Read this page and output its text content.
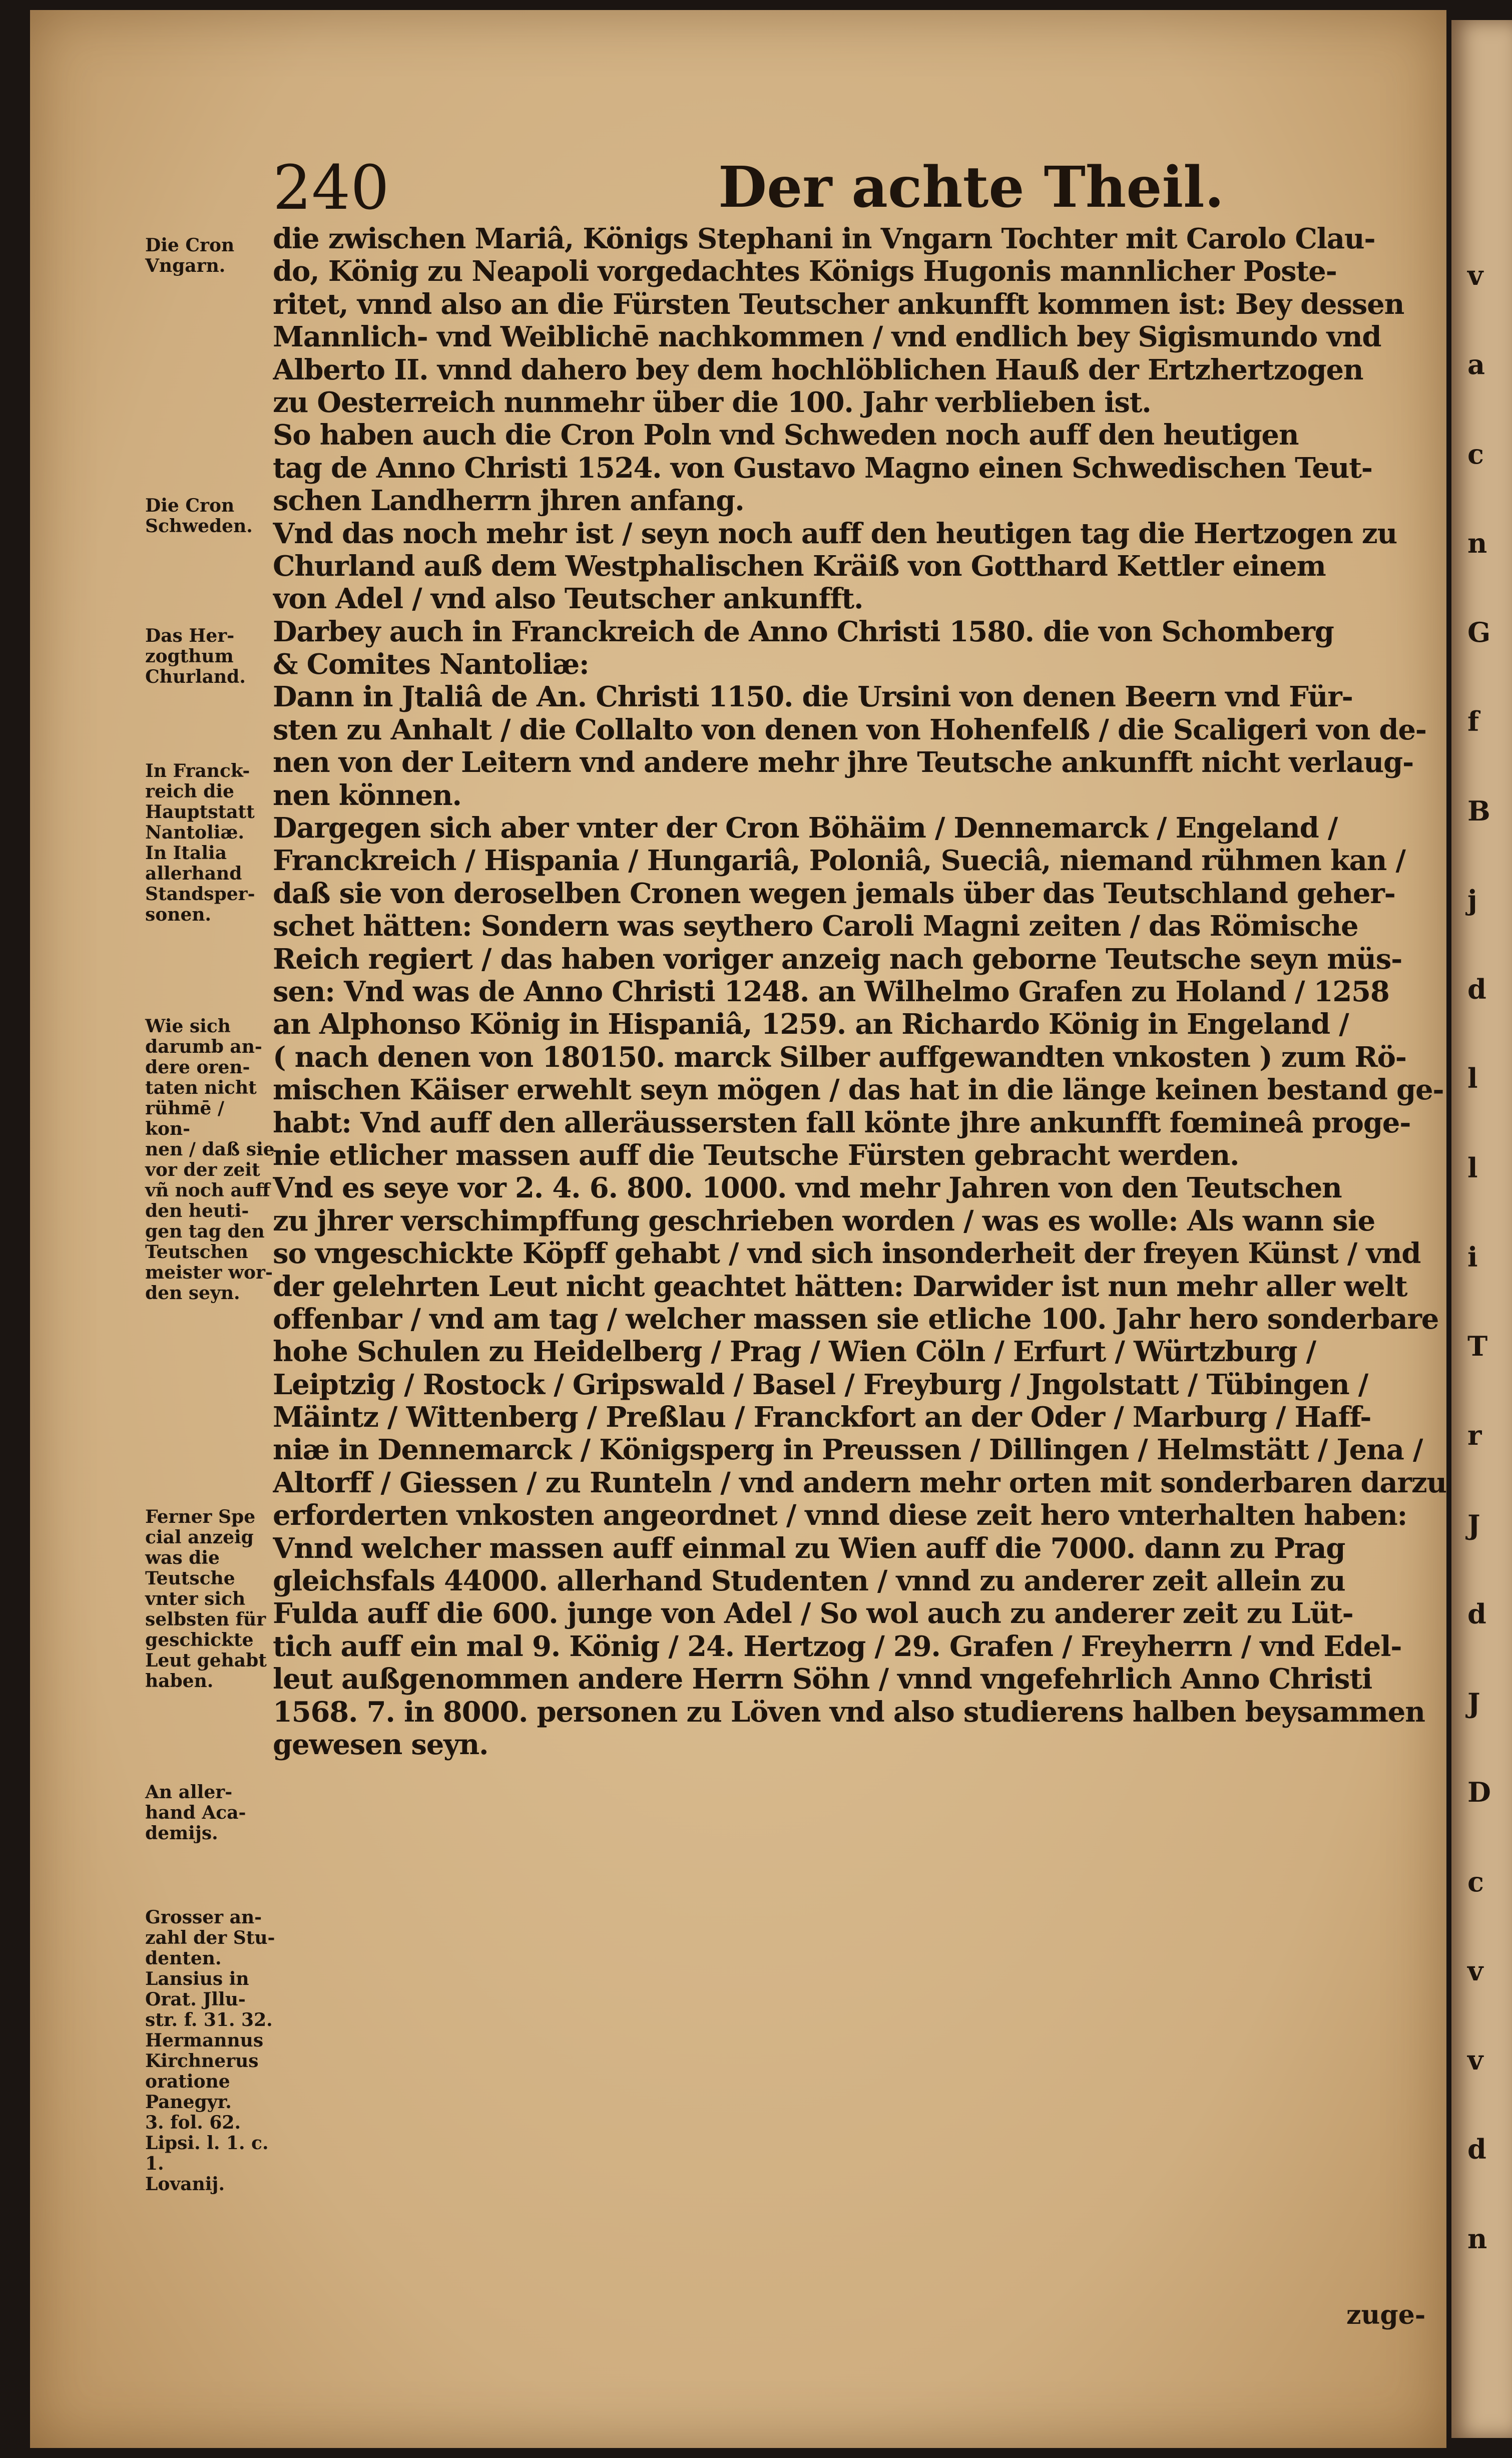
240	Der achte Theil.
Die Cron
Vngarn.
Die Cron
Schweden.
Das Her-
zogthum
Churland.
In Franck-
reich die
Hauptstatt
Nantoliæ.
In Italia
allerhand
Standsper-
sonen.
Wie sich
darumb an-
dere oren-
taten nicht
rühmē / kon-
nen / daß sie
vor der zeit
vñ noch auff
den heuti-
gen tag den
Teutschen
meister wor-
den seyn.
Ferner Spe
cial anzeig
was die
Teutsche
vnter sich
selbsten für
geschickte
Leut gehabt
haben.
An aller-
hand Aca-
demijs.
Grosser an-
zahl der Stu-
denten.
Lansius in
Orat. Jllu-
str. f. 31. 32.
Hermannus
Kirchnerus
oratione
Panegyr.
3. fol. 62.
Lipsi. l. 1. c. 1.
Lovanij.
die zwischen Mariâ, Königs Stephani in Vngarn Tochter mit Carolo Clau-
do, König zu Neapoli vorgedachtes Königs Hugonis mannlicher Poste-
ritet, vnnd also an die Fürsten Teutscher ankunfft kommen ist: Bey dessen
Mannlich- vnd Weiblichē nachkommen / vnd endlich bey Sigismundo vnd
Alberto II. vnnd dahero bey dem hochlöblichen Hauß der Ertzhertzogen
zu Oesterreich nunmehr über die 100. Jahr verblieben ist.
So haben auch die Cron Poln vnd Schweden noch auff den heutigen
tag de Anno Christi 1524. von Gustavo Magno einen Schwedischen Teut-
schen Landherrn jhren anfang.
Vnd das noch mehr ist / seyn noch auff den heutigen tag die Hertzogen zu
Churland auß dem Westphalischen Kräiß von Gotthard Kettler einem
von Adel / vnd also Teutscher ankunfft.
Darbey auch in Franckreich de Anno Christi 1580. die von Schomberg
& Comites Nantoliæ:
Dann in Jtaliâ de An. Christi 1150. die Ursini von denen Beern vnd Für-
sten zu Anhalt / die Collalto von denen von Hohenfelß / die Scaligeri von de-
nen von der Leitern vnd andere mehr jhre Teutsche ankunfft nicht verlaug-
nen können.
Dargegen sich aber vnter der Cron Böhäim / Dennemarck / Engeland /
Franckreich / Hispania / Hungariâ, Poloniâ, Sueciâ, niemand rühmen kan /
daß sie von deroselben Cronen wegen jemals über das Teutschland geher-
schet hätten: Sondern was seythero Caroli Magni zeiten / das Römische
Reich regiert / das haben voriger anzeig nach geborne Teutsche seyn müs-
sen: Vnd was de Anno Christi 1248. an Wilhelmo Grafen zu Holand / 1258
an Alphonso König in Hispaniâ, 1259. an Richardo König in Engeland /
( nach denen von 180150. marck Silber auffgewandten vnkosten ) zum Rö-
mischen Käiser erwehlt seyn mögen / das hat in die länge keinen bestand ge-
habt: Vnd auff den alleräussersten fall könte jhre ankunfft fœmineâ proge-
nie etlicher massen auff die Teutsche Fürsten gebracht werden.
Vnd es seye vor 2. 4. 6. 800. 1000. vnd mehr Jahren von den Teutschen
zu jhrer verschimpffung geschrieben worden / was es wolle: Als wann sie
so vngeschickte Köpff gehabt / vnd sich insonderheit der freyen Künst / vnd
der gelehrten Leut nicht geachtet hätten: Darwider ist nun mehr aller welt
offenbar / vnd am tag / welcher massen sie etliche 100. Jahr hero sonderbare
hohe Schulen zu Heidelberg / Prag / Wien Cöln / Erfurt / Würtzburg /
Leiptzig / Rostock / Gripswald / Basel / Freyburg / Jngolstatt / Tübingen /
Mäintz / Wittenberg / Preßlau / Franckfort an der Oder / Marburg / Haff-
niæ in Dennemarck / Königsperg in Preussen / Dillingen / Helmstätt / Jena /
Altorff / Giessen / zu Runteln / vnd andern mehr orten mit sonderbaren darzu
erforderten vnkosten angeordnet / vnnd diese zeit hero vnterhalten haben:
Vnnd welcher massen auff einmal zu Wien auff die 7000. dann zu Prag
gleichsfals 44000. allerhand Studenten / vnnd zu anderer zeit allein zu
Fulda auff die 600. junge von Adel / So wol auch zu anderer zeit zu Lüt-
tich auff ein mal 9. König / 24. Hertzog / 29. Grafen / Freyherrn / vnd Edel-
leut außgenommen andere Herrn Söhn / vnnd vngefehrlich Anno Christi
1568. 7. in 8000. personen zu Löven vnd also studierens halben beysammen
gewesen seyn.
zuge-
v
a
c
n
G
f
B
j
d
l
l
i
T
r
J
d
J
D
c
v
v
d
n
